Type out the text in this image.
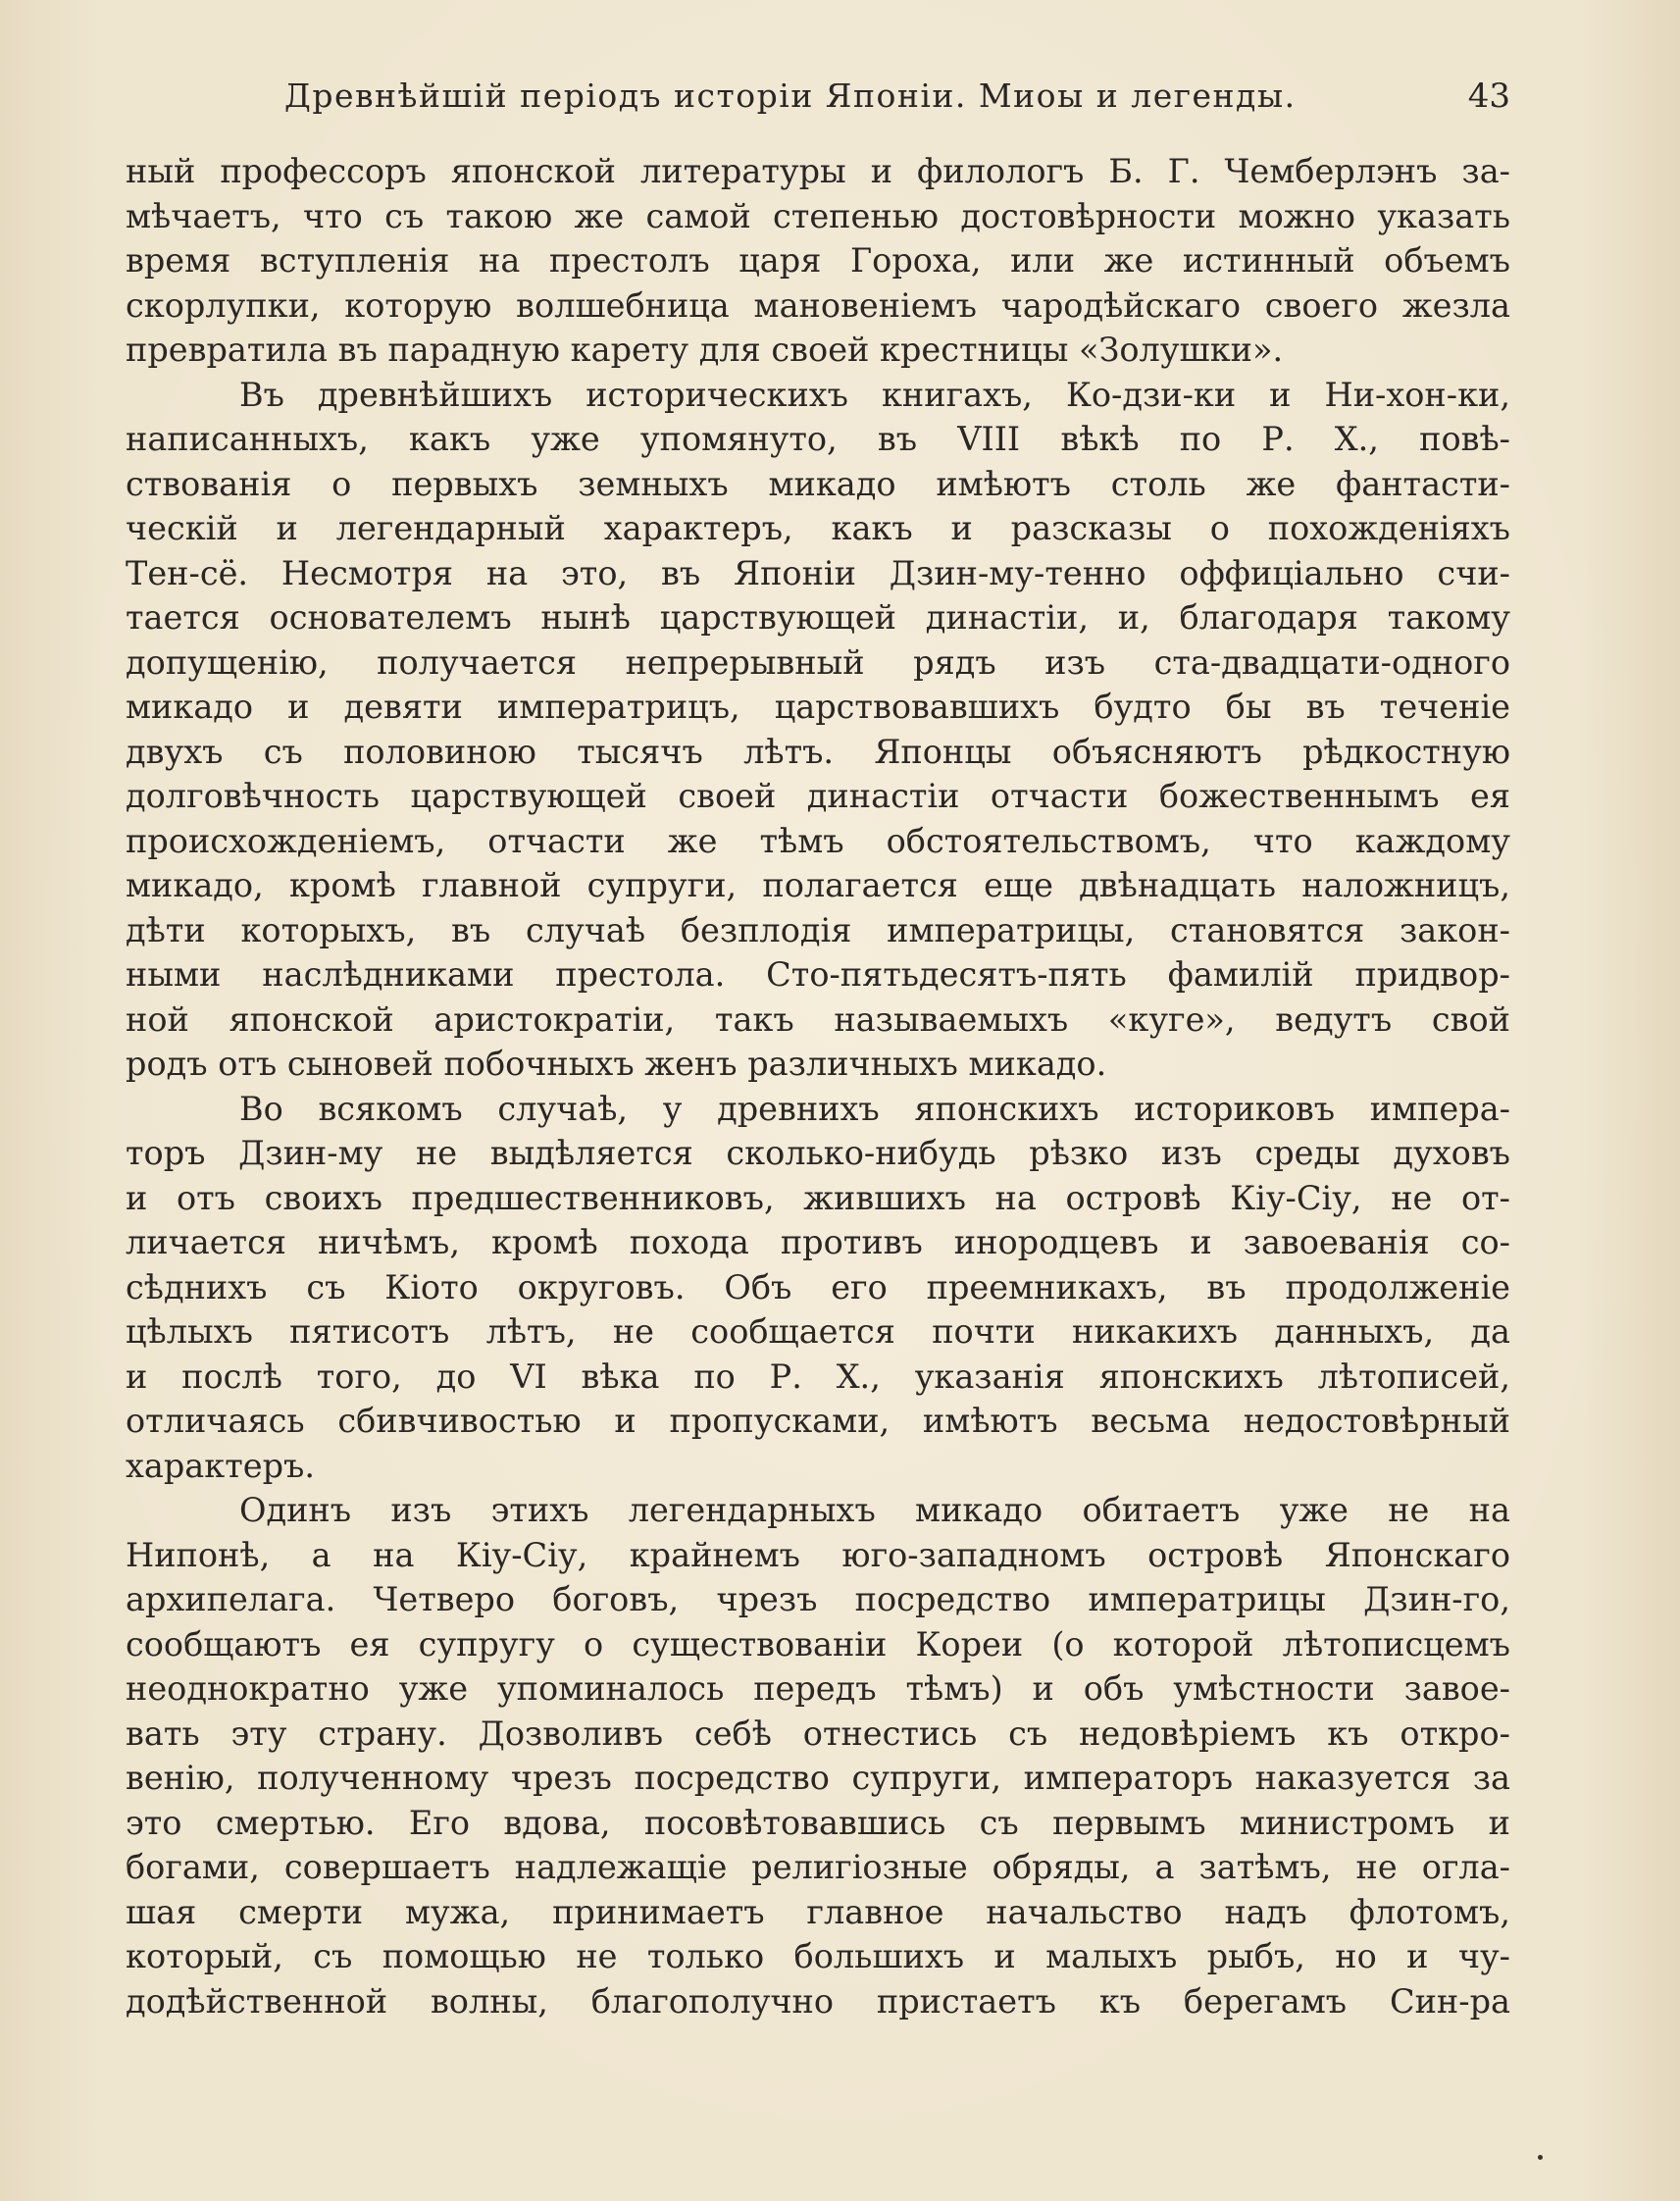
Древнѣйшій періодъ исторіи Японіи. Миоы и легенды.	43
ный профессоръ японской литературы и филологъ Б. Г. Чемберлэнъ за-
мѣчаетъ, что съ такою же самой степенью достовѣрности можно указать
время вступленія на престолъ царя Гороха, или же истинный объемъ
скорлупки, которую волшебница мановеніемъ чародѣйскаго своего жезла
превратила въ парадную карету для своей крестницы «Золушки».
Въ древнѣйшихъ историческихъ книгахъ, Ко-дзи-ки и Ни-хон-ки,
написанныхъ, какъ уже упомянуто, въ VIII вѣкѣ по Р. Х., повѣ-
ствованія о первыхъ земныхъ микадо имѣютъ столь же фантасти-
ческій и легендарный характеръ, какъ и разсказы о похожденіяхъ
Тен-сё. Несмотря на это, въ Японіи Дзин-му-тенно оффиціально счи-
тается основателемъ нынѣ царствующей династіи, и, благодаря такому
допущенію, получается непрерывный рядъ изъ ста-двадцати-одного
микадо и девяти императрицъ, царствовавшихъ будто бы въ теченіе
двухъ съ половиною тысячъ лѣтъ. Японцы объясняютъ рѣдкостную
долговѣчность царствующей своей династіи отчасти божественнымъ ея
происхожденіемъ, отчасти же тѣмъ обстоятельствомъ, что каждому
микадо, кромѣ главной супруги, полагается еще двѣнадцать наложницъ,
дѣти которыхъ, въ случаѣ безплодія императрицы, становятся закон-
ными наслѣдниками престола. Сто-пятьдесятъ-пять фамилій придвор-
ной японской аристократіи, такъ называемыхъ «куге», ведутъ свой
родъ отъ сыновей побочныхъ женъ различныхъ микадо.
Во всякомъ случаѣ, у древнихъ японскихъ историковъ импера-
торъ Дзин-му не выдѣляется сколько-нибудь рѣзко изъ среды духовъ
и отъ своихъ предшественниковъ, жившихъ на островѣ Кіу-Сіу, не от-
личается ничѣмъ, кромѣ похода противъ инородцевъ и завоеванія со-
сѣднихъ съ Кіото округовъ. Объ его преемникахъ, въ продолженіе
цѣлыхъ пятисотъ лѣтъ, не сообщается почти никакихъ данныхъ, да
и послѣ того, до VI вѣка по Р. Х., указанія японскихъ лѣтописей,
отличаясь сбивчивостью и пропусками, имѣютъ весьма недостовѣрный
характеръ.
Одинъ изъ этихъ легендарныхъ микадо обитаетъ уже не на
Нипонѣ, а на Кіу-Сіу, крайнемъ юго-западномъ островѣ Японскаго
архипелага. Четверо боговъ, чрезъ посредство императрицы Дзин-го,
сообщаютъ ея супругу о существованіи Кореи (о которой лѣтописцемъ
неоднократно уже упоминалось передъ тѣмъ) и объ умѣстности завое-
вать эту страну. Дозволивъ себѣ отнестись съ недовѣріемъ къ откро-
венію, полученному чрезъ посредство супруги, императоръ наказуется за
это смертью. Его вдова, посовѣтовавшись съ первымъ министромъ и
богами, совершаетъ надлежащіе религіозные обряды, а затѣмъ, не огла-
шая смерти мужа, принимаетъ главное начальство надъ флотомъ,
который, съ помощью не только большихъ и малыхъ рыбъ, но и чу-
додѣйственной волны, благополучно пристаетъ къ берегамъ Син-ра
